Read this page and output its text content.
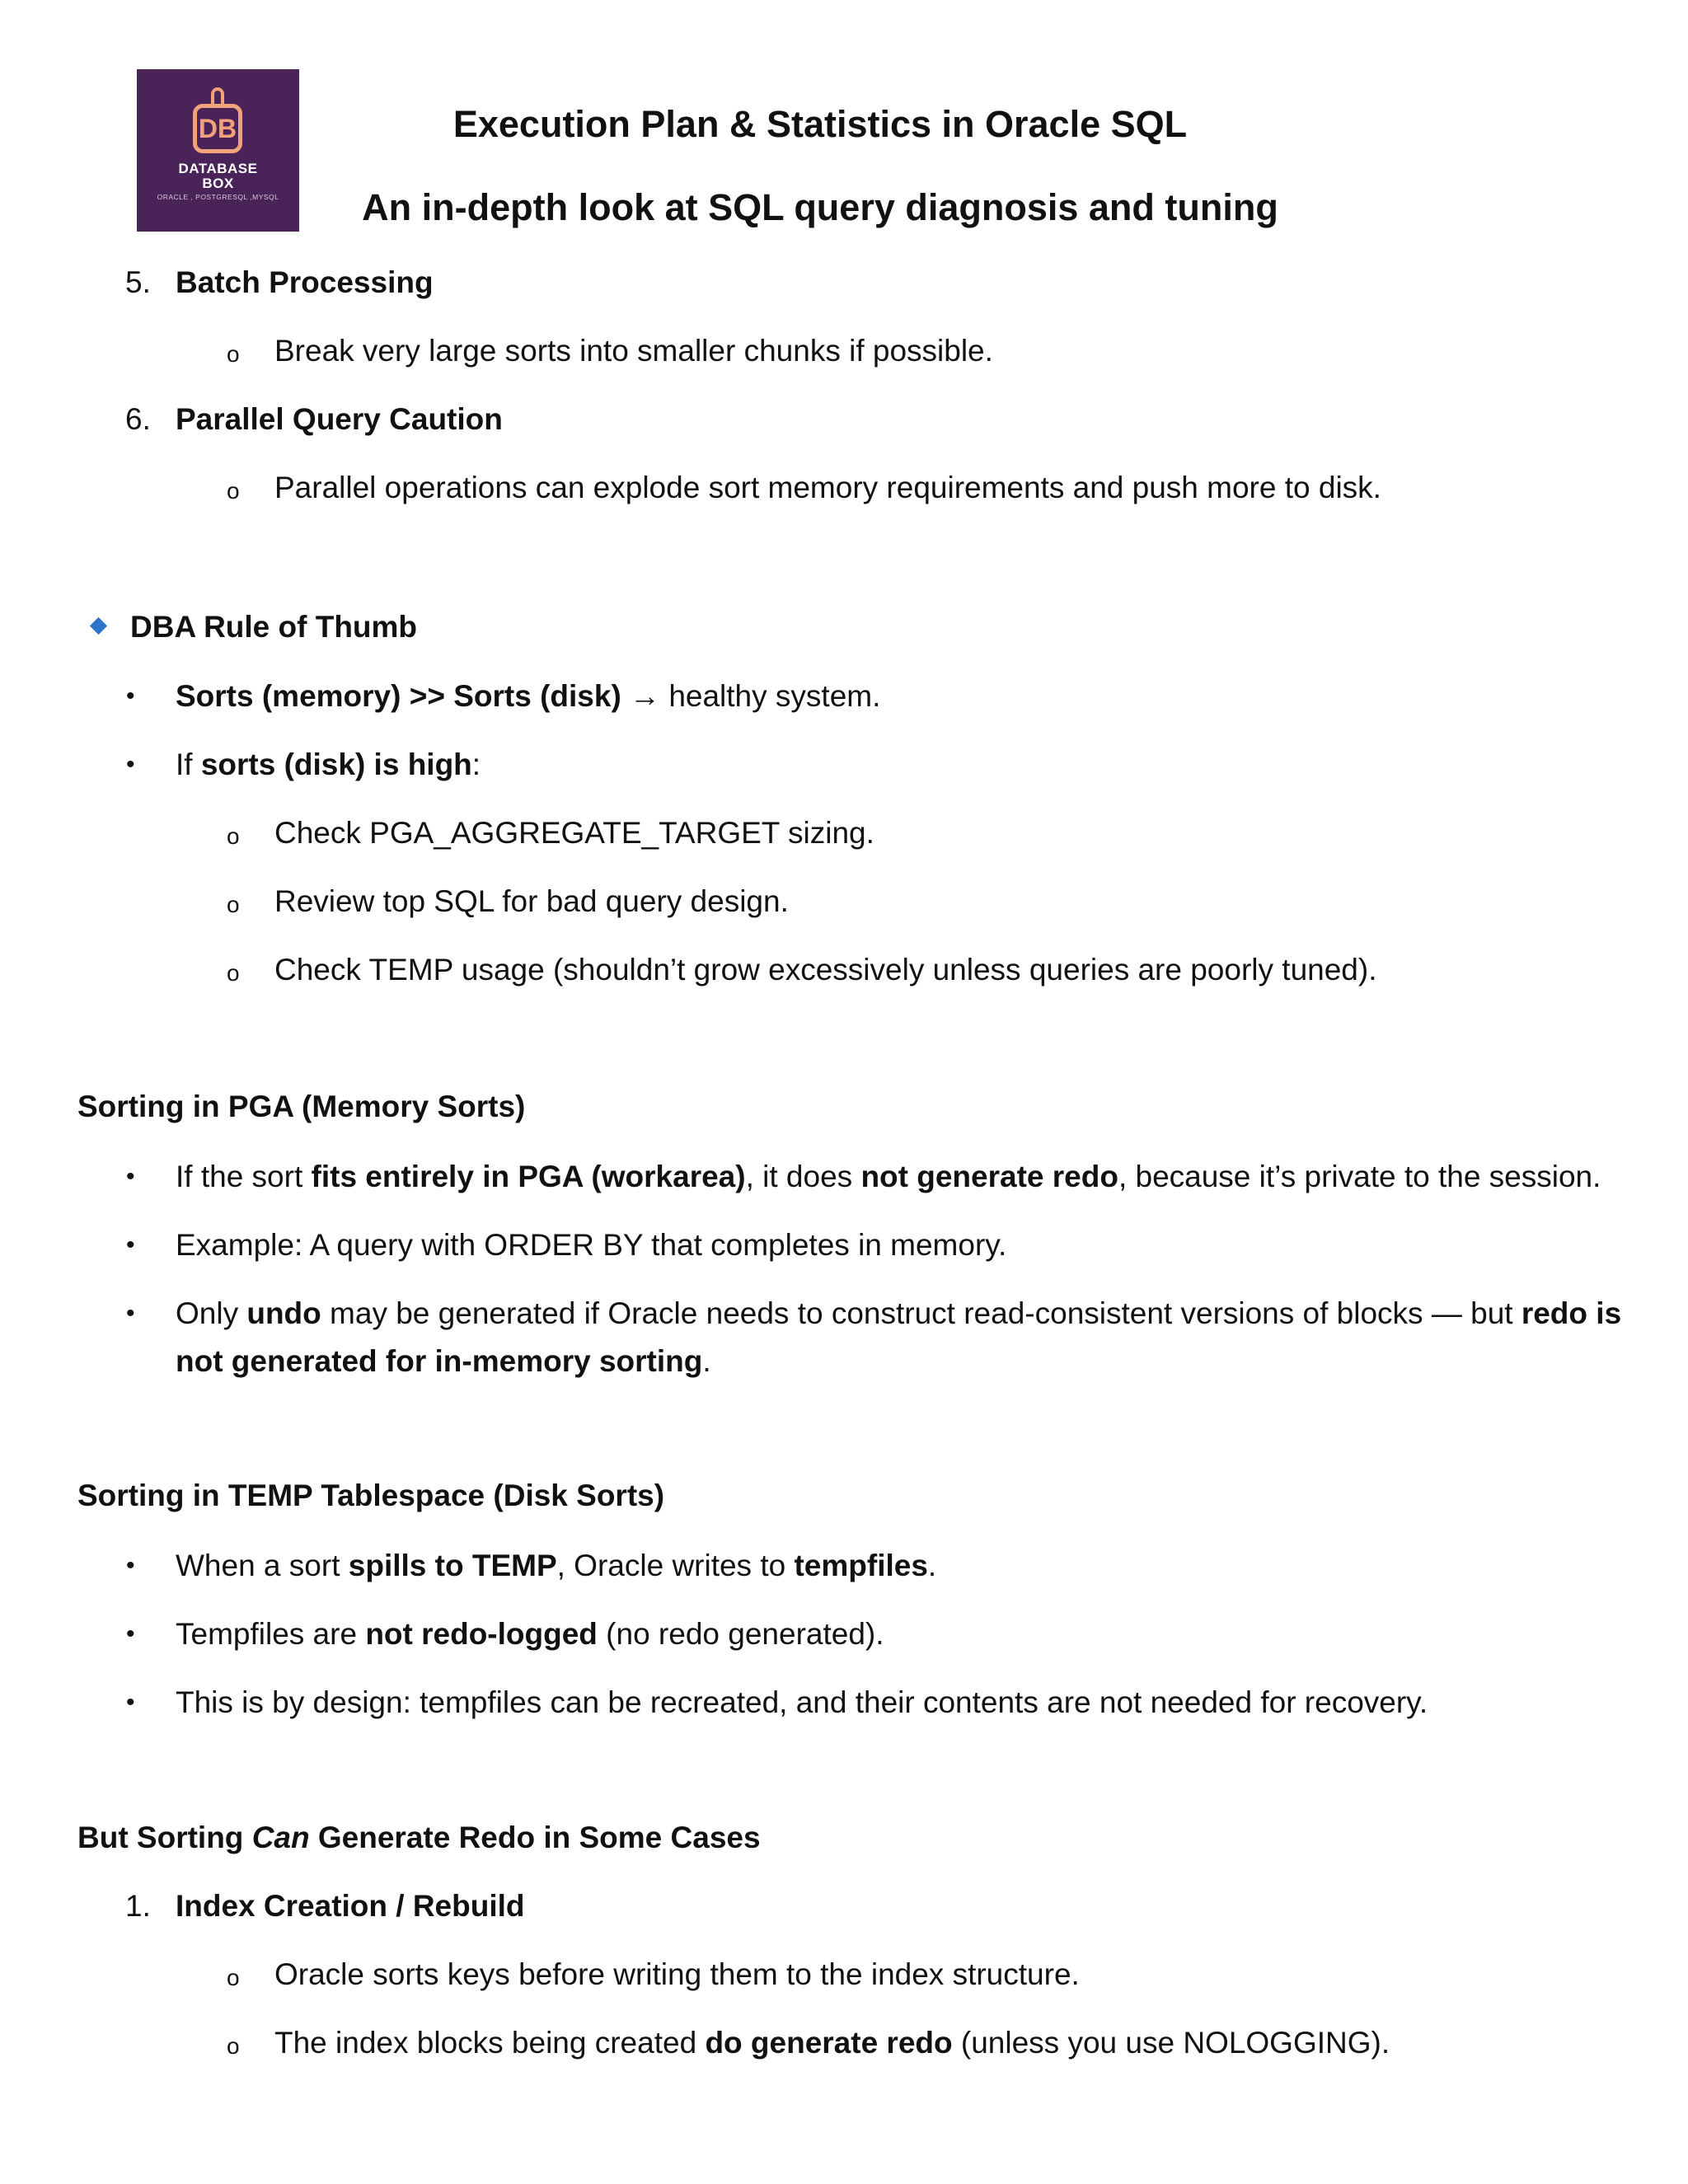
DB
DATABASE
BOX
ORACLE , POSTGRESQL ,MYSQL
Execution Plan & Statistics in Oracle SQL
An in-depth look at SQL query diagnosis and tuning
5. Batch Processing
o Break very large sorts into smaller chunks if possible.
6. Parallel Query Caution
o Parallel operations can explode sort memory requirements and push more to disk.
DBA Rule of Thumb
• Sorts (memory) >> Sorts (disk) → healthy system.
• If sorts (disk) is high:
o Check PGA_AGGREGATE_TARGET sizing.
o Review top SQL for bad query design.
o Check TEMP usage (shouldn’t grow excessively unless queries are poorly tuned).
Sorting in PGA (Memory Sorts)
• If the sort fits entirely in PGA (workarea), it does not generate redo, because it’s private to the session.
• Example: A query with ORDER BY that completes in memory.
• Only undo may be generated if Oracle needs to construct read-consistent versions of blocks — but redo is
not generated for in-memory sorting.
Sorting in TEMP Tablespace (Disk Sorts)
• When a sort spills to TEMP, Oracle writes to tempfiles.
• Tempfiles are not redo-logged (no redo generated).
• This is by design: tempfiles can be recreated, and their contents are not needed for recovery.
But Sorting Can Generate Redo in Some Cases
1. Index Creation / Rebuild
o Oracle sorts keys before writing them to the index structure.
o The index blocks being created do generate redo (unless you use NOLOGGING).
